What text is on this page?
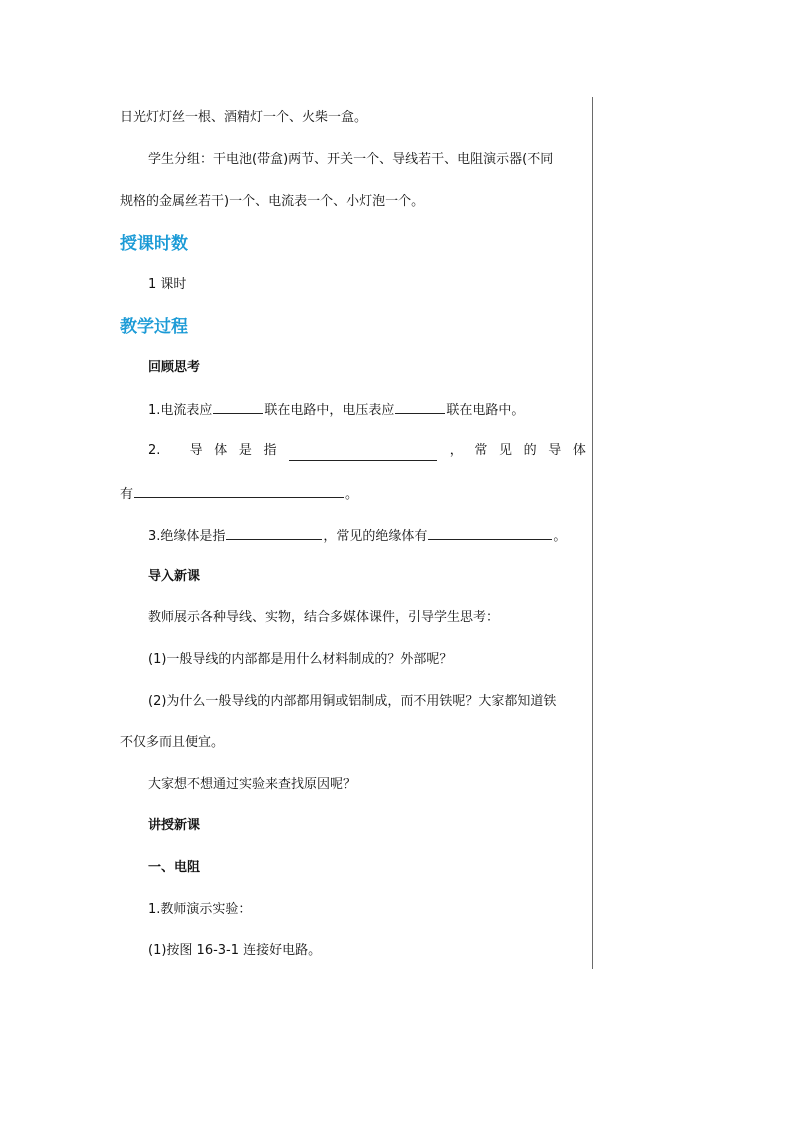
日光灯灯丝一根、酒精灯一个、火柴一盒。
学生分组：干电池(带盒)两节、开关一个、导线若干、电阻演示器(不同
规格的金属丝若干)一个、电流表一个、小灯泡一个。
授课时数
1 课时
教学过程
回顾思考
1.电流表应	联在电路中，电压表应	联在电路中。
2. 导 体 是 指	， 常 见 的 导 体
有	。
3.绝缘体是指	，常见的绝缘体有	。
导入新课
教师展示各种导线、实物，结合多媒体课件，引导学生思考：
(1)一般导线的内部都是用什么材料制成的？外部呢？
(2)为什么一般导线的内部都用铜或铝制成，而不用铁呢？大家都知道铁
不仅多而且便宜。
大家想不想通过实验来查找原因呢？
讲授新课
一、电阻
1.教师演示实验：
(1)按图 16-3-1 连接好电路。
